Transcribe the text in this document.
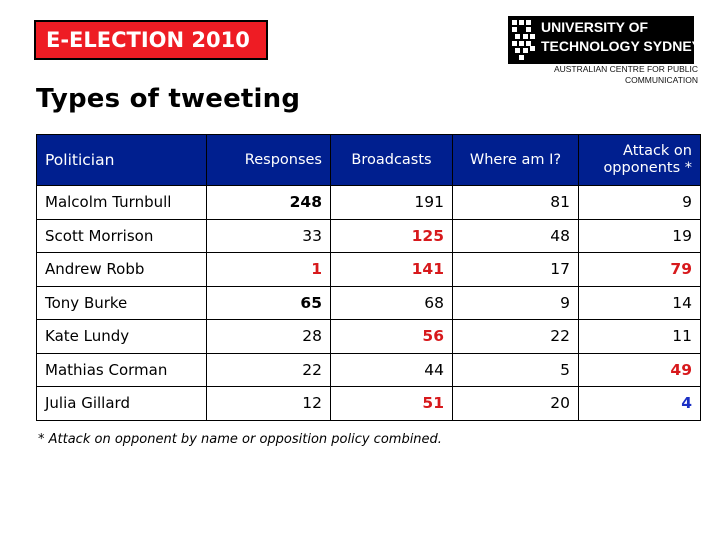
E-ELECTION 2010
UNIVERSITY OF
TECHNOLOGY SYDNEY
AUSTRALIAN CENTRE FOR PUBLIC
COMMUNICATION
Types of tweeting
Politician	Responses	Broadcasts	Where am I?	Attack on opponents *
Malcolm Turnbull	248	191	81	9
Scott Morrison	33	125	48	19
Andrew Robb	1	141	17	79
Tony Burke	65	68	9	14
Kate Lundy	28	56	22	11
Mathias Corman	22	44	5	49
Julia Gillard	12	51	20	4
* Attack on opponent by name or opposition policy combined.
